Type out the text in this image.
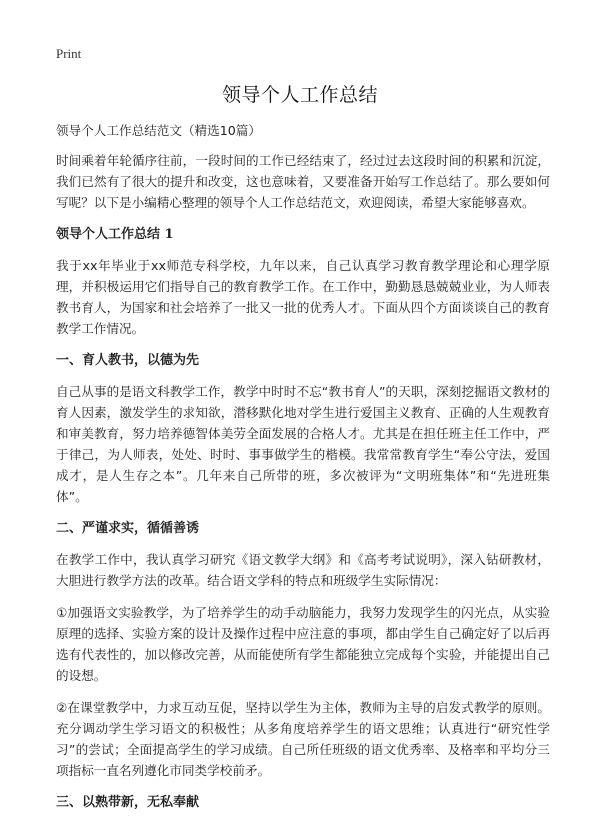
Print
领导个人工作总结
领导个人工作总结范文（精选10篇）

时间乘着年轮循序往前，一段时间的工作已经结束了，经过过去这段时间的积累和沉淀，我们已然有了很大的提升和改变，这也意味着，又要准备开始写工作总结了。那么要如何写呢？以下是小编精心整理的领导个人工作总结范文，欢迎阅读，希望大家能够喜欢。

领导个人工作总结 1

我于xx年毕业于xx师范专科学校，九年以来，自己认真学习教育教学理论和心理学原理，并积极运用它们指导自己的教育教学工作。在工作中，勤勤恳恳兢兢业业，为人师表教书育人，为国家和社会培养了一批又一批的优秀人才。下面从四个方面谈谈自己的教育教学工作情况。

一、育人教书，以德为先

自己从事的是语文科教学工作，教学中时时不忘“教书育人”的天职，深刻挖掘语文教材的育人因素，激发学生的求知欲，潜移默化地对学生进行爱国主义教育、正确的人生观教育和审美教育，努力培养德智体美劳全面发展的合格人才。尤其是在担任班主任工作中，严于律己，为人师表，处处、时时、事事做学生的楷模。我常常教育学生“奉公守法，爱国成才，是人生存之本”。几年来自己所带的班，多次被评为“文明班集体”和“先进班集体”。

二、严谨求实，循循善诱

在教学工作中，我认真学习研究《语文教学大纲》和《高考考试说明》，深入钻研教材，大胆进行教学方法的改革。结合语文学科的特点和班级学生实际情况：

①加强语文实验教学，为了培养学生的动手动脑能力，我努力发现学生的闪光点，从实验原理的选择、实验方案的设计及操作过程中应注意的事项，都由学生自己确定好了以后再选有代表性的，加以修改完善，从而能使所有学生都能独立完成每个实验，并能提出自己的设想。

②在课堂教学中，力求互动互促，坚持以学生为主体，教师为主导的启发式教学的原则。充分调动学生学习语文的积极性；从多角度培养学生的语文思维；认真进行“研究性学习”的尝试；全面提高学生的学习成绩。自己所任班级的语文优秀率、及格率和平均分三项指标一直名列遵化市同类学校前矛。

三、以熟带新，无私奉献
